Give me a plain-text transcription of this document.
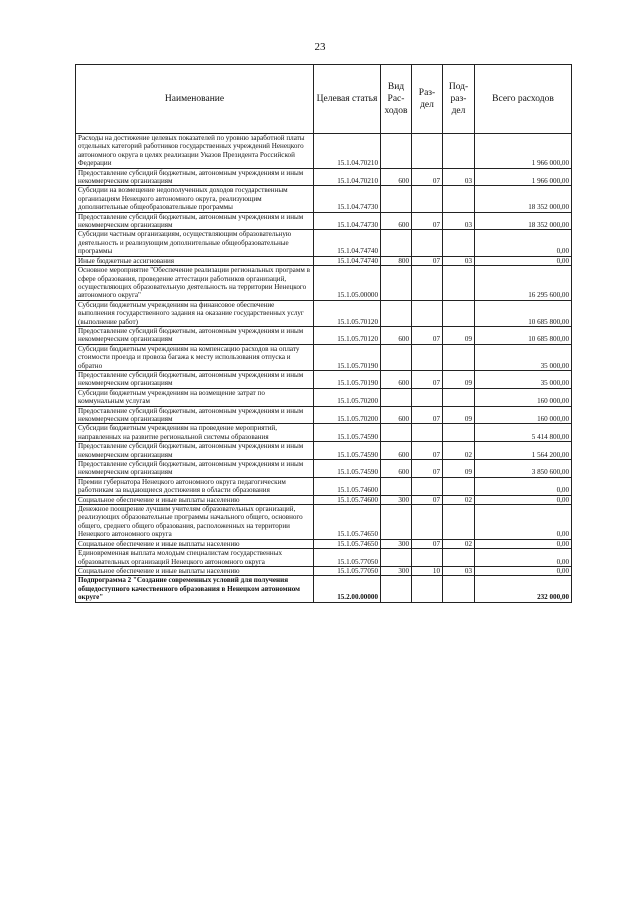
23
Наименование	Целевая статья	Вид Рас-ходов	Раз-дел	Под-раз-дел	Всего расходов
Расходы на достижение целевых показателей по уровню заработной платы отдельных категорий работников государственных учреждений Ненецкого автономного округа в целях реализации Указов Президента Российской Федерации	15.1.04.70210				1 966 000,00
Предоставление субсидий бюджетным, автономным учреждениям и иным некоммерческим организациям	15.1.04.70210	600	07	03	1 966 000,00
Субсидии на возмещение недополученных доходов государственным организациям Ненецкого автономного округа, реализующим дополнительные общеобразовательные программы	15.1.04.74730				18 352 000,00
Предоставление субсидий бюджетным, автономным учреждениям и иным некоммерческим организациям	15.1.04.74730	600	07	03	18 352 000,00
Субсидии частным организациям, осуществляющим образовательную деятельность и реализующим дополнительные общеобразовательные программы	15.1.04.74740				0,00
Иные бюджетные ассигнования	15.1.04.74740	800	07	03	0,00
Основное мероприятие "Обеспечение реализации региональных программ в сфере образования, проведение аттестации работников организаций, осуществляющих образовательную деятельность на территории Ненецкого автономного округа"	15.1.05.00000				16 295 600,00
Субсидии бюджетным учреждениям на финансовое обеспечение выполнения государственного задания на оказание государственных услуг (выполнение работ)	15.1.05.70120				10 685 800,00
Предоставление субсидий бюджетным, автономным учреждениям и иным некоммерческим организациям	15.1.05.70120	600	07	09	10 685 800,00
Субсидии бюджетным учреждениям на компенсацию расходов на оплату стоимости проезда и провоза багажа к месту использования отпуска и обратно	15.1.05.70190				35 000,00
Предоставление субсидий бюджетным, автономным учреждениям и иным некоммерческим организациям	15.1.05.70190	600	07	09	35 000,00
Субсидии бюджетным учреждениям на возмещение затрат по коммунальным услугам	15.1.05.70200				160 000,00
Предоставление субсидий бюджетным, автономным учреждениям и иным некоммерческим организациям	15.1.05.70200	600	07	09	160 000,00
Субсидии бюджетным учреждениям на проведение мероприятий, направленных на развитие региональной системы образования	15.1.05.74590				5 414 800,00
Предоставление субсидий бюджетным, автономным учреждениям и иным некоммерческим организациям	15.1.05.74590	600	07	02	1 564 200,00
Предоставление субсидий бюджетным, автономным учреждениям и иным некоммерческим организациям	15.1.05.74590	600	07	09	3 850 600,00
Премии губернатора Ненецкого автономного округа педагогическим работникам за выдающиеся достижения в области образования	15.1.05.74600				0,00
Социальное обеспечение и иные выплаты населению	15.1.05.74600	300	07	02	0,00
Денежное поощрение лучшим учителям образовательных организаций, реализующих образовательные программы начального общего, основного общего, среднего общего образования, расположенных на территории Ненецкого автономного округа	15.1.05.74650				0,00
Социальное обеспечение и иные выплаты населению	15.1.05.74650	300	07	02	0,00
Единовременная выплата молодым специалистам государственных образовательных организаций Ненецкого автономного округа	15.1.05.77050				0,00
Социальное обеспечение и иные выплаты населению	15.1.05.77050	300	10	03	0,00
Подпрограмма 2 "Создание современных условий для получения общедоступного качественного образования в Ненецком автономном округе"	15.2.00.00000				232 000,00
